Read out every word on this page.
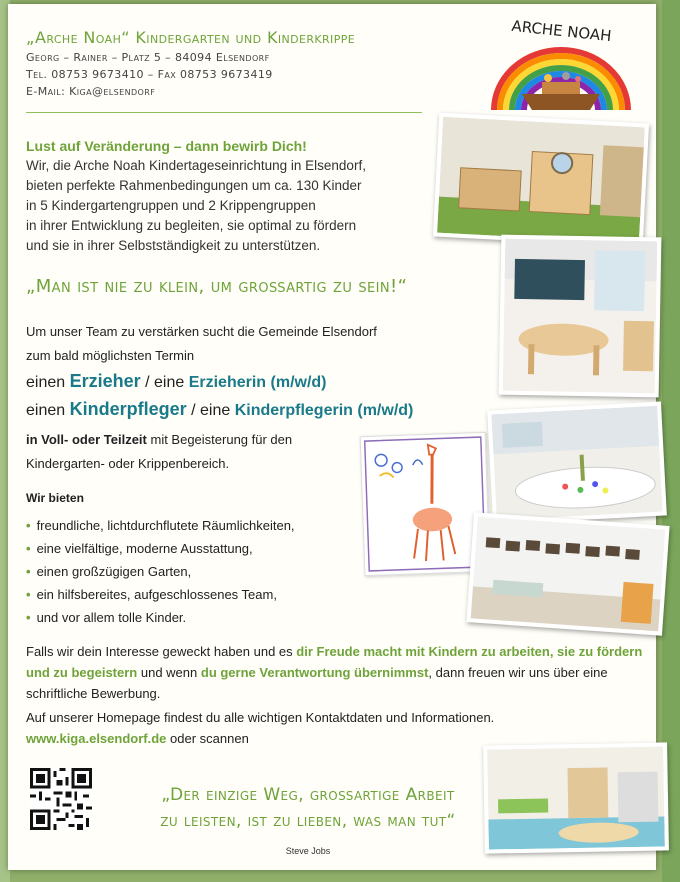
„Arche Noah“ Kindergarten und Kinderkrippe
Georg – Rainer – Platz 5 – 84094 Elsendorf
Tel. 08753 9673410 – Fax 08753 9673419
E-Mail: Kiga@elsendorf
ARCHE NOAH
Lust auf Veränderung – dann bewirb Dich!
Wir, die Arche Noah Kindertageseinrichtung in Elsendorf,
bieten perfekte Rahmenbedingungen um ca. 130 Kinder
in 5 Kindergartengruppen und 2 Krippengruppen
in ihrer Entwicklung zu begleiten, sie optimal zu fördern
und sie in ihrer Selbstständigkeit zu unterstützen.
„Man ist nie zu klein, um großartig zu sein!“
Um unser Team zu verstärken sucht die Gemeinde Elsendorf
zum bald möglichsten Termin
einen Erzieher / eine Erzieherin (m/w/d)
einen Kinderpfleger / eine Kinderpflegerin (m/w/d)
in Voll- oder Teilzeit mit Begeisterung für den
Kindergarten- oder Krippenbereich.
Wir bieten
• freundliche, lichtdurchflutete Räumlichkeiten,
• eine vielfältige, moderne Ausstattung,
• einen großzügigen Garten,
• ein hilfsbereites, aufgeschlossenes Team,
• und vor allem tolle Kinder.
Falls wir dein Interesse geweckt haben und es dir Freude macht mit Kindern zu arbeiten, sie zu fördern und zu begeistern und wenn du gerne Verantwortung übernimmst, dann freuen wir uns über eine schriftliche Bewerbung.
Auf unserer Homepage findest du alle wichtigen Kontaktdaten und Informationen.
www.kiga.elsendorf.de oder scannen
„Der einzige Weg, großartige Arbeit
zu leisten, ist zu lieben, was man tut“
Steve Jobs
